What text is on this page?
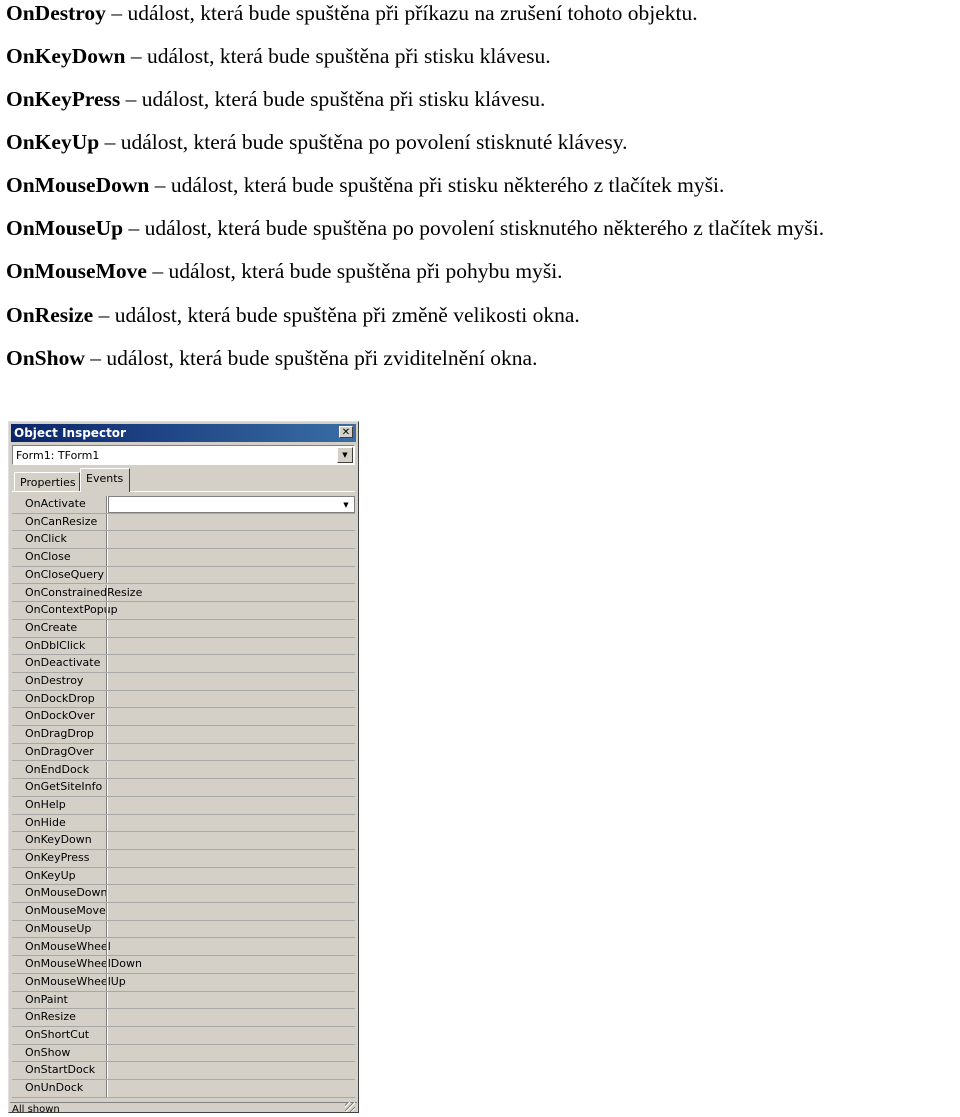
OnDestroy – událost, která bude spuštěna při příkazu na zrušení tohoto objektu.
OnKeyDown – událost, která bude spuštěna při stisku klávesu.
OnKeyPress – událost, která bude spuštěna při stisku klávesu.
OnKeyUp – událost, která bude spuštěna po povolení stisknuté klávesy.
OnMouseDown – událost, která bude spuštěna při stisku některého z tlačítek myši.
OnMouseUp – událost, která bude spuštěna po povolení stisknutého některého z tlačítek myši.
OnMouseMove – událost, která bude spuštěna při pohybu myši.
OnResize – událost, která bude spuštěna při změně velikosti okna.
OnShow – událost, která bude spuštěna při zviditelnění okna.
Object Inspector	✕
Form1: TForm1	▼
Properties Events
OnActivate	▼
OnCanResize
OnClick
OnClose
OnCloseQuery
OnConstrainedResize
OnContextPopup
OnCreate
OnDblClick
OnDeactivate
OnDestroy
OnDockDrop
OnDockOver
OnDragDrop
OnDragOver
OnEndDock
OnGetSiteInfo
OnHelp
OnHide
OnKeyDown
OnKeyPress
OnKeyUp
OnMouseDown
OnMouseMove
OnMouseUp
OnMouseWheel
OnMouseWheelDown
OnMouseWheelUp
OnPaint
OnResize
OnShortCut
OnShow
OnStartDock
OnUnDock
All shown
